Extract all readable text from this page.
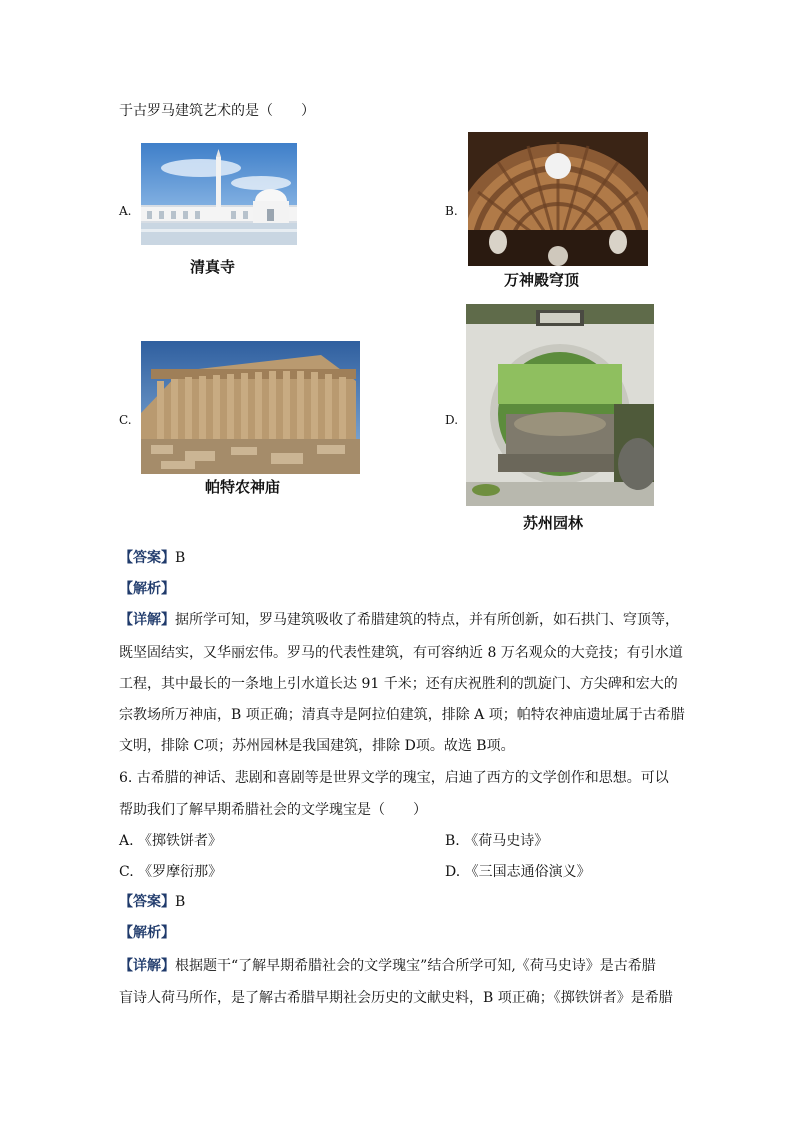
于古罗马建筑艺术的是（　　）
A.
清真寺
B.
万神殿穹顶
C.
帕特农神庙
D.
苏州园林
【答案】B
【解析】
【详解】据所学可知，罗马建筑吸收了希腊建筑的特点，并有所创新，如石拱门、穹顶等，
既坚固结实，又华丽宏伟。罗马的代表性建筑，有可容纳近 8 万名观众的大竞技；有引水道
工程，其中最长的一条地上引水道长达 91 千米；还有庆祝胜利的凯旋门、方尖碑和宏大的
宗教场所万神庙，B 项正确；清真寺是阿拉伯建筑，排除 A 项；帕特农神庙遗址属于古希腊
文明，排除 C项；苏州园林是我国建筑，排除 D项。故选 B项。
6. 古希腊的神话、悲剧和喜剧等是世界文学的瑰宝，启迪了西方的文学创作和思想。可以
帮助我们了解早期希腊社会的文学瑰宝是（　　）
A. 《掷铁饼者》	B. 《荷马史诗》
C. 《罗摩衍那》	D. 《三国志通俗演义》
【答案】B
【解析】
【详解】根据题干“了解早期希腊社会的文学瑰宝”结合所学可知,《荷马史诗》是古希腊
盲诗人荷马所作，是了解古希腊早期社会历史的文献史料，B 项正确；《掷铁饼者》是希腊
